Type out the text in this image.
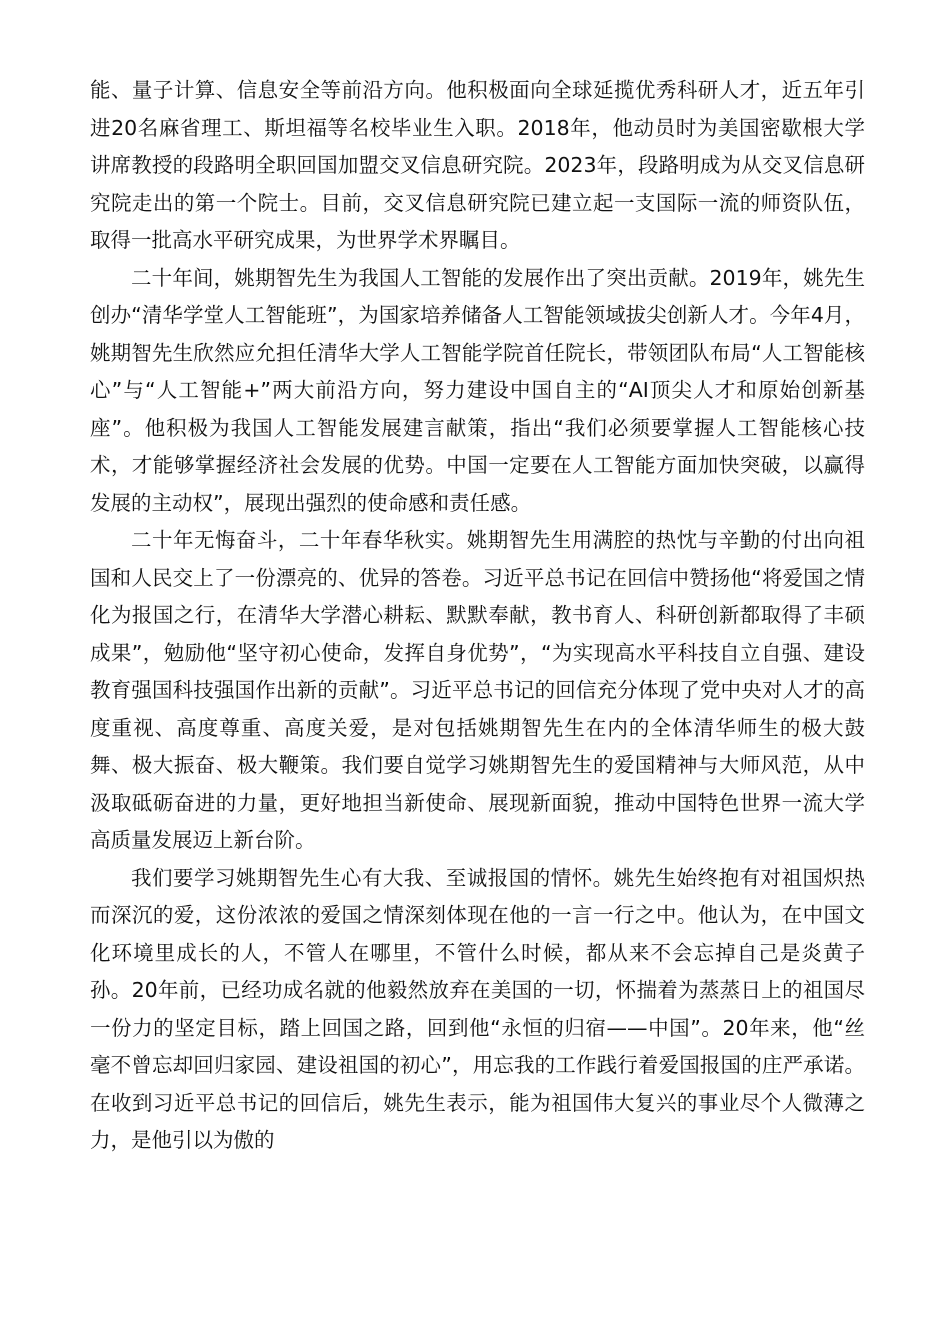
能、量子计算、信息安全等前沿方向。他积极面向全球延揽优秀科研人才，近五年引进20名麻省理工、斯坦福等名校毕业生入职。2018年，他动员时为美国密歇根大学讲席教授的段路明全职回国加盟交叉信息研究院。2023年，段路明成为从交叉信息研究院走出的第一个院士。目前，交叉信息研究院已建立起一支国际一流的师资队伍，取得一批高水平研究成果，为世界学术界瞩目。

二十年间，姚期智先生为我国人工智能的发展作出了突出贡献。2019年，姚先生创办“清华学堂人工智能班”，为国家培养储备人工智能领域拔尖创新人才。今年4月，姚期智先生欣然应允担任清华大学人工智能学院首任院长，带领团队布局“人工智能核心”与“人工智能+”两大前沿方向，努力建设中国自主的“AI顶尖人才和原始创新基座”。他积极为我国人工智能发展建言献策，指出“我们必须要掌握人工智能核心技术，才能够掌握经济社会发展的优势。中国一定要在人工智能方面加快突破，以赢得发展的主动权”，展现出强烈的使命感和责任感。

二十年无悔奋斗，二十年春华秋实。姚期智先生用满腔的热忱与辛勤的付出向祖国和人民交上了一份漂亮的、优异的答卷。习近平总书记在回信中赞扬他“将爱国之情化为报国之行，在清华大学潜心耕耘、默默奉献，教书育人、科研创新都取得了丰硕成果”，勉励他“坚守初心使命，发挥自身优势”，“为实现高水平科技自立自强、建设教育强国科技强国作出新的贡献”。习近平总书记的回信充分体现了党中央对人才的高度重视、高度尊重、高度关爱，是对包括姚期智先生在内的全体清华师生的极大鼓舞、极大振奋、极大鞭策。我们要自觉学习姚期智先生的爱国精神与大师风范，从中汲取砥砺奋进的力量，更好地担当新使命、展现新面貌，推动中国特色世界一流大学高质量发展迈上新台阶。

我们要学习姚期智先生心有大我、至诚报国的情怀。姚先生始终抱有对祖国炽热而深沉的爱，这份浓浓的爱国之情深刻体现在他的一言一行之中。他认为，在中国文化环境里成长的人，不管人在哪里，不管什么时候，都从来不会忘掉自己是炎黄子孙。20年前，已经功成名就的他毅然放弃在美国的一切，怀揣着为蒸蒸日上的祖国尽一份力的坚定目标，踏上回国之路，回到他“永恒的归宿——中国”。20年来，他“丝毫不曾忘却回归家园、建设祖国的初心”，用忘我的工作践行着爱国报国的庄严承诺。在收到习近平总书记的回信后，姚先生表示，能为祖国伟大复兴的事业尽个人微薄之力，是他引以为傲的
